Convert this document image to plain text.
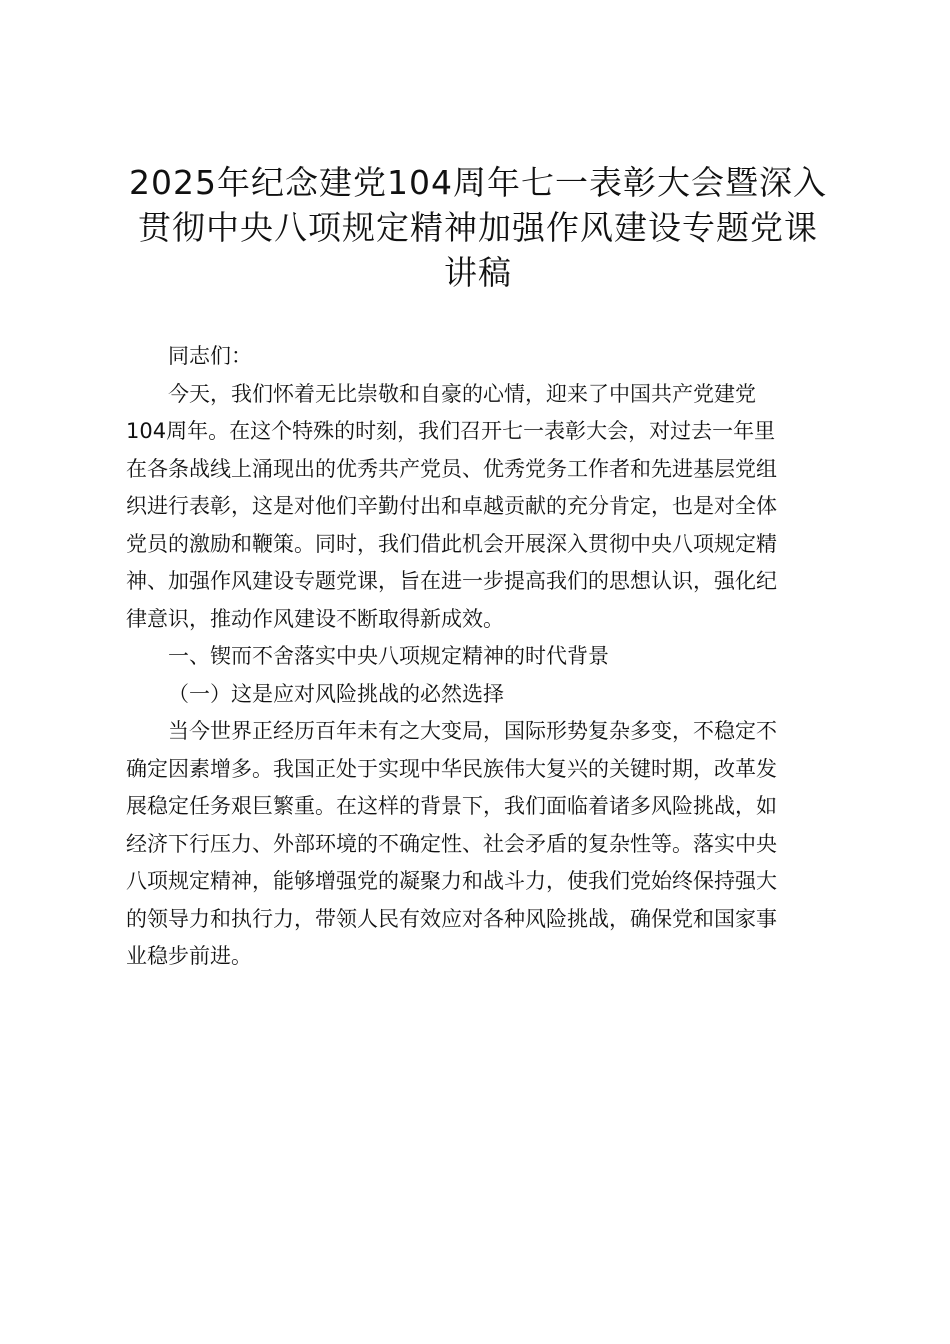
2025年纪念建党104周年七一表彰大会暨深入
贯彻中央八项规定精神加强作风建设专题党课
讲稿

同志们：

今天，我们怀着无比崇敬和自豪的心情，迎来了中国共产党建党
104周年。在这个特殊的时刻，我们召开七一表彰大会，对过去一年里
在各条战线上涌现出的优秀共产党员、优秀党务工作者和先进基层党组
织进行表彰，这是对他们辛勤付出和卓越贡献的充分肯定，也是对全体
党员的激励和鞭策。同时，我们借此机会开展深入贯彻中央八项规定精
神、加强作风建设专题党课，旨在进一步提高我们的思想认识，强化纪
律意识，推动作风建设不断取得新成效。

一、锲而不舍落实中央八项规定精神的时代背景

（一）这是应对风险挑战的必然选择

当今世界正经历百年未有之大变局，国际形势复杂多变，不稳定不
确定因素增多。我国正处于实现中华民族伟大复兴的关键时期，改革发
展稳定任务艰巨繁重。在这样的背景下，我们面临着诸多风险挑战，如
经济下行压力、外部环境的不确定性、社会矛盾的复杂性等。落实中央
八项规定精神，能够增强党的凝聚力和战斗力，使我们党始终保持强大
的领导力和执行力，带领人民有效应对各种风险挑战，确保党和国家事
业稳步前进。
